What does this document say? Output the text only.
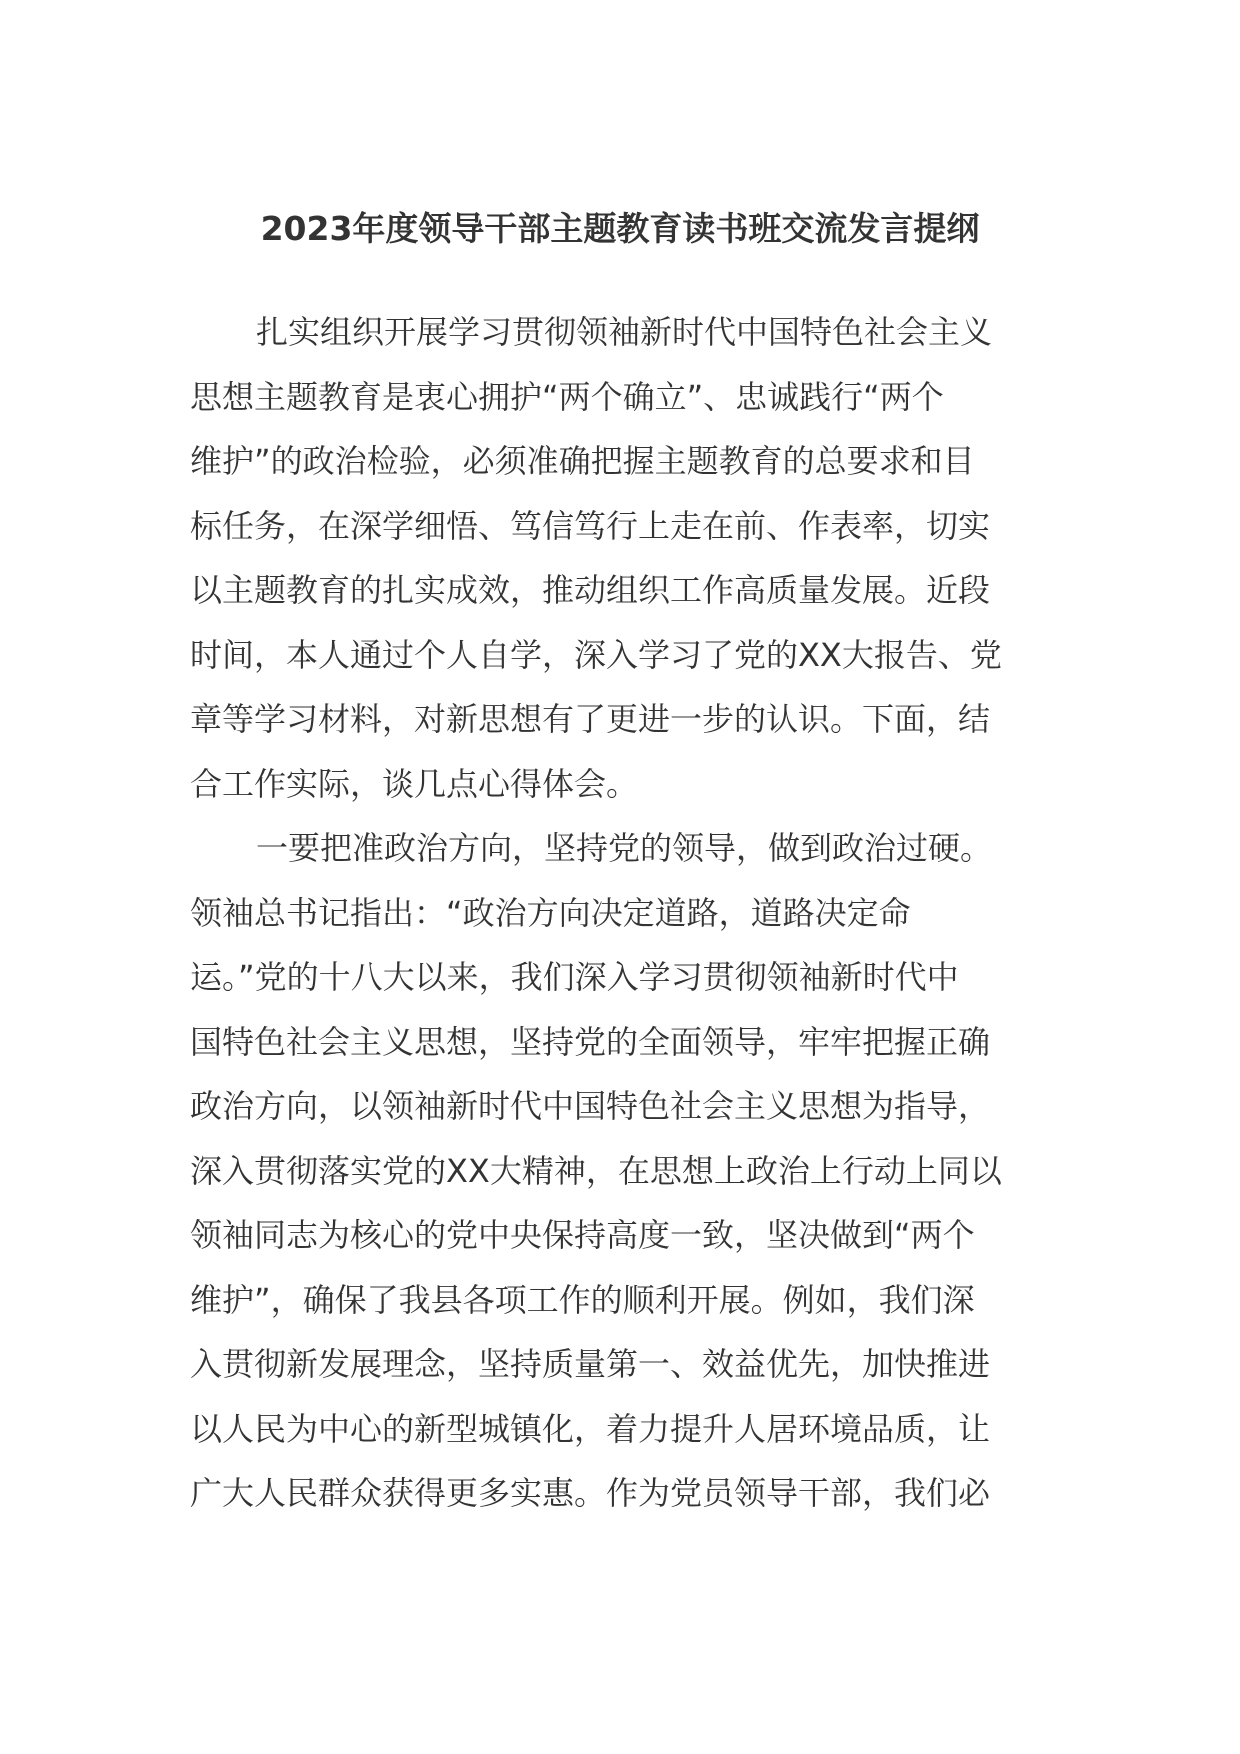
2023年度领导干部主题教育读书班交流发言提纲
扎实组织开展学习贯彻领袖新时代中国特色社会主义
思想主题教育是衷心拥护“两个确立”、忠诚践行“两个
维护”的政治检验，必须准确把握主题教育的总要求和目
标任务，在深学细悟、笃信笃行上走在前、作表率，切实
以主题教育的扎实成效，推动组织工作高质量发展。近段
时间，本人通过个人自学，深入学习了党的XX大报告、党
章等学习材料，对新思想有了更进一步的认识。下面，结
合工作实际，谈几点心得体会。
一要把准政治方向，坚持党的领导，做到政治过硬。
领袖总书记指出：“政治方向决定道路，道路决定命
运。”党的十八大以来，我们深入学习贯彻领袖新时代中
国特色社会主义思想，坚持党的全面领导，牢牢把握正确
政治方向，以领袖新时代中国特色社会主义思想为指导，
深入贯彻落实党的XX大精神，在思想上政治上行动上同以
领袖同志为核心的党中央保持高度一致，坚决做到“两个
维护”，确保了我县各项工作的顺利开展。例如，我们深
入贯彻新发展理念，坚持质量第一、效益优先，加快推进
以人民为中心的新型城镇化，着力提升人居环境品质，让
广大人民群众获得更多实惠。作为党员领导干部，我们必
